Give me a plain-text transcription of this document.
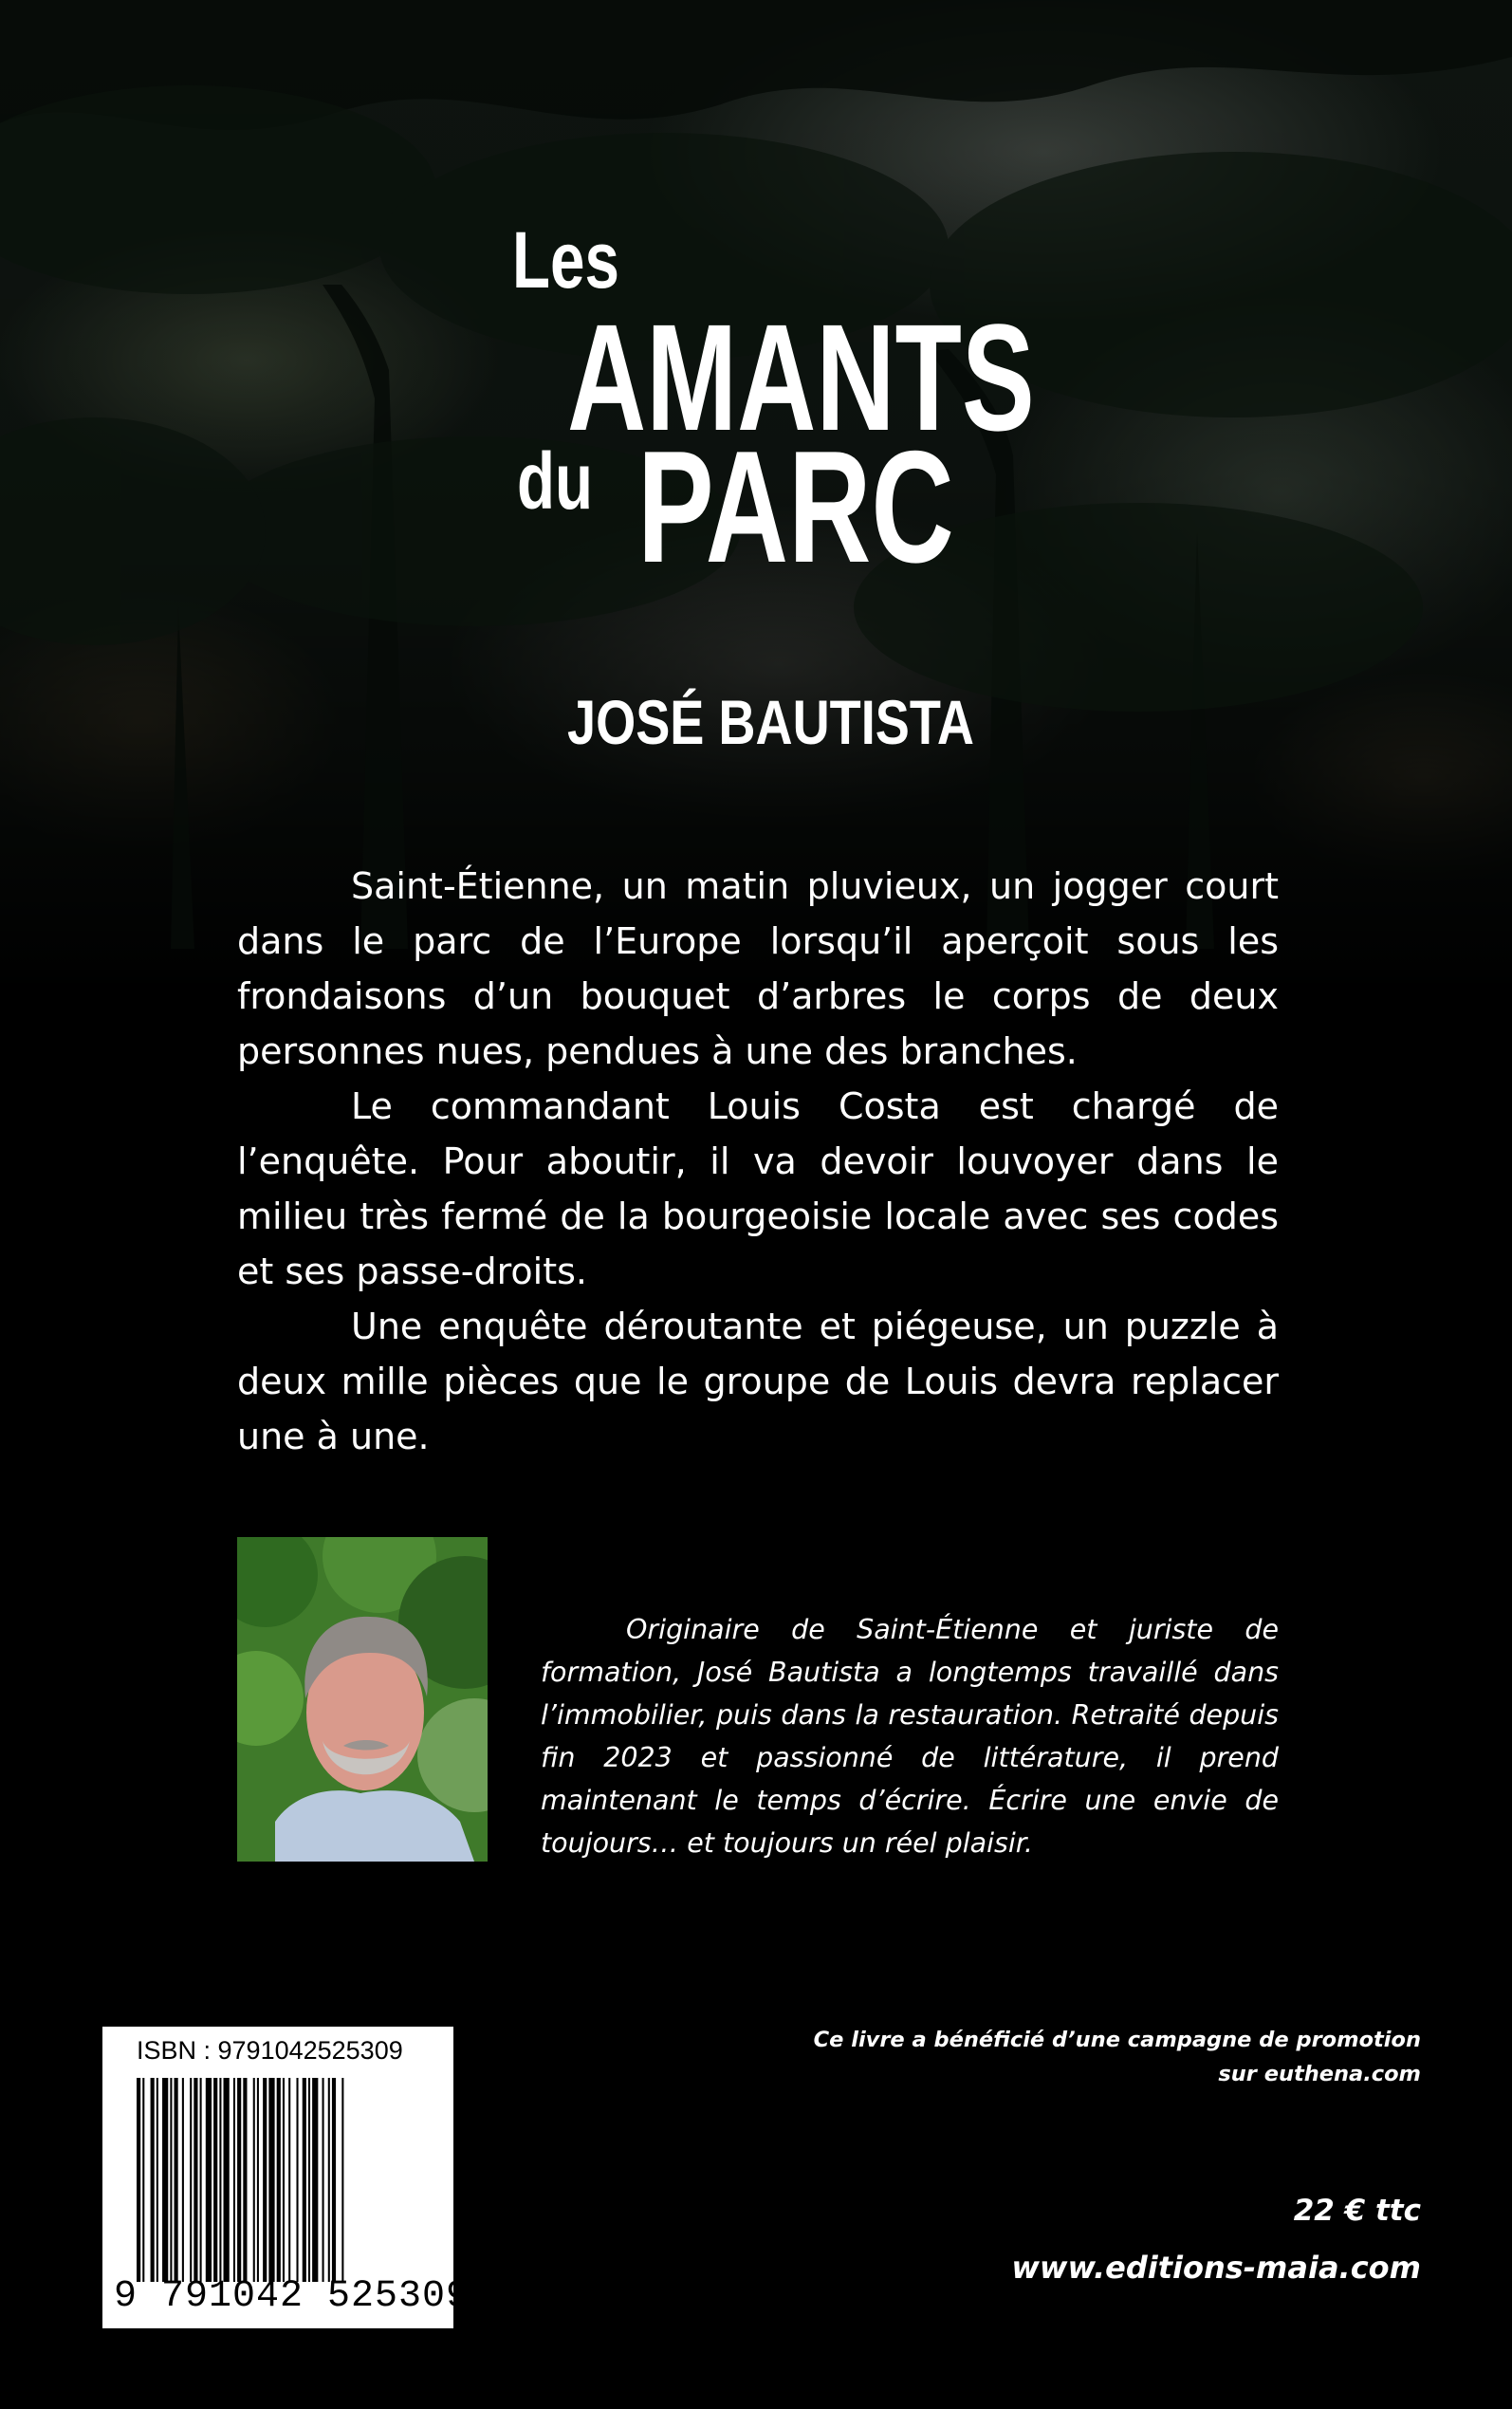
Les
AMANTS
du PARC
JOSÉ BAUTISTA

Saint-Étienne, un matin pluvieux, un jogger court dans le parc de l’Europe lorsqu’il aperçoit sous les frondaisons d’un bouquet d’arbres le corps de deux personnes nues, pendues à une des branches.

Le commandant Louis Costa est chargé de l’enquête. Pour aboutir, il va devoir louvoyer dans le milieu très fermé de la bourgeoisie locale avec ses codes et ses passe-droits.

Une enquête déroutante et piégeuse, un puzzle à deux mille pièces que le groupe de Louis devra replacer une à une.

Originaire de Saint-Étienne et juriste de formation, José Bautista a longtemps travaillé dans l’immobilier, puis dans la restauration. Retraité depuis fin 2023 et passionné de littérature, il prend maintenant le temps d’écrire. Écrire une envie de toujours… et toujours un réel plaisir.

ISBN : 9791042525309

9 791042 525309

Ce livre a bénéficié d’une campagne de promotion
sur euthena.com

22 € ttc

www.editions-maia.com
